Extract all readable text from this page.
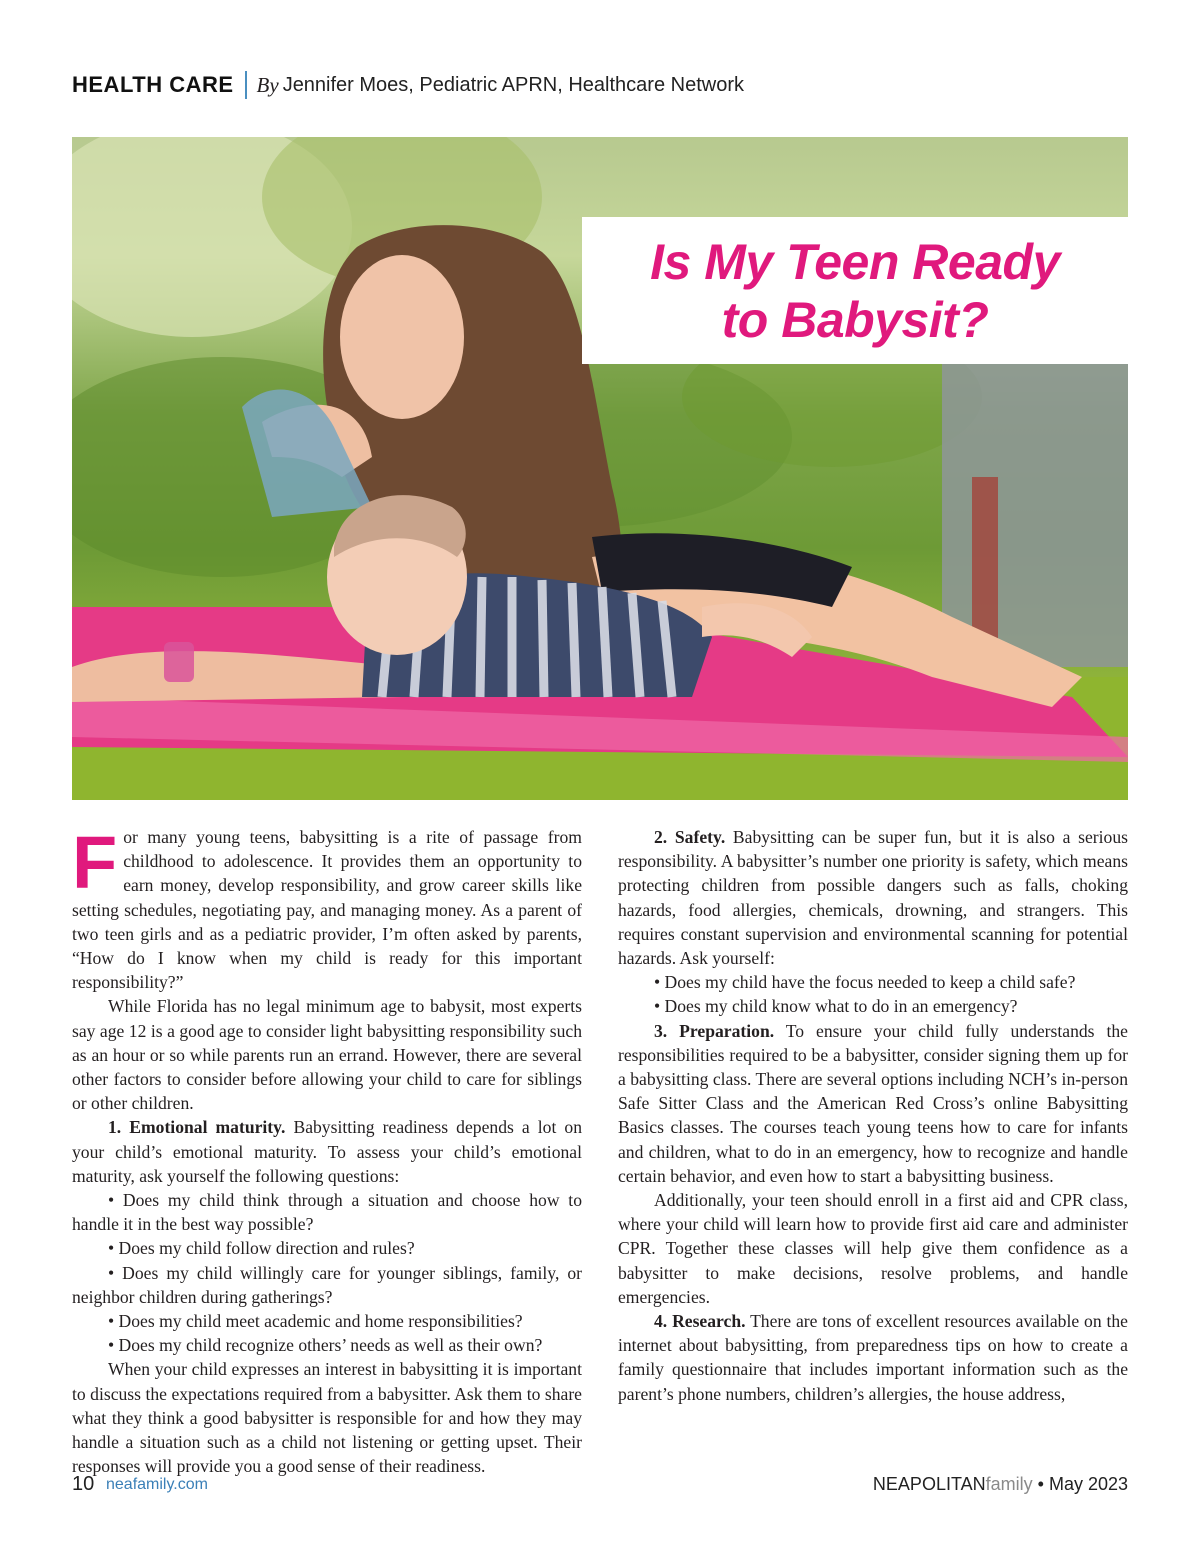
HEALTH CARE By Jennifer Moes, Pediatric APRN, Healthcare Network
Is My Teen Ready
to Babysit?

For many young teens, babysitting is a rite of passage from childhood to adolescence. It provides them an opportunity to earn money, develop responsibility, and grow career skills like setting schedules, negotiating pay, and managing money. As a parent of two teen girls and as a pediatric provider, I’m often asked by parents, “How do I know when my child is ready for this important responsibility?”

While Florida has no legal minimum age to babysit, most experts say age 12 is a good age to consider light babysitting responsibility such as an hour or so while parents run an errand. However, there are several other factors to consider before allowing your child to care for siblings or other children.

1. Emotional maturity. Babysitting readiness depends a lot on your child’s emotional maturity. To assess your child’s emotional maturity, ask yourself the following questions:

• Does my child think through a situation and choose how to handle it in the best way possible?

• Does my child follow direction and rules?

• Does my child willingly care for younger siblings, family, or neighbor children during gatherings?

• Does my child meet academic and home responsibilities?

• Does my child recognize others’ needs as well as their own?

When your child expresses an interest in babysitting it is important to discuss the expectations required from a babysitter. Ask them to share what they think a good babysitter is responsible for and how they may handle a situation such as a child not listening or getting upset. Their responses will provide you a good sense of their readiness.

2. Safety. Babysitting can be super fun, but it is also a serious responsibility. A babysitter’s number one priority is safety, which means protecting children from possible dangers such as falls, choking hazards, food allergies, chemicals, drowning, and strangers. This requires constant supervision and environmental scanning for potential hazards. Ask yourself:

• Does my child have the focus needed to keep a child safe?

• Does my child know what to do in an emergency?

3. Preparation. To ensure your child fully understands the responsibilities required to be a babysitter, consider signing them up for a babysitting class. There are several options including NCH’s in-person Safe Sitter Class and the American Red Cross’s online Babysitting Basics classes. The courses teach young teens how to care for infants and children, what to do in an emergency, how to recognize and handle certain behavior, and even how to start a babysitting business.

Additionally, your teen should enroll in a first aid and CPR class, where your child will learn how to provide first aid care and administer CPR. Together these classes will help give them confidence as a babysitter to make decisions, resolve problems, and handle emergencies.

4. Research. There are tons of excellent resources available on the internet about babysitting, from preparedness tips on how to create a family questionnaire that includes important information such as the parent’s phone numbers, children’s allergies, the house address,

10 neafamily.com	NEAPOLITANfamily • May 2023
